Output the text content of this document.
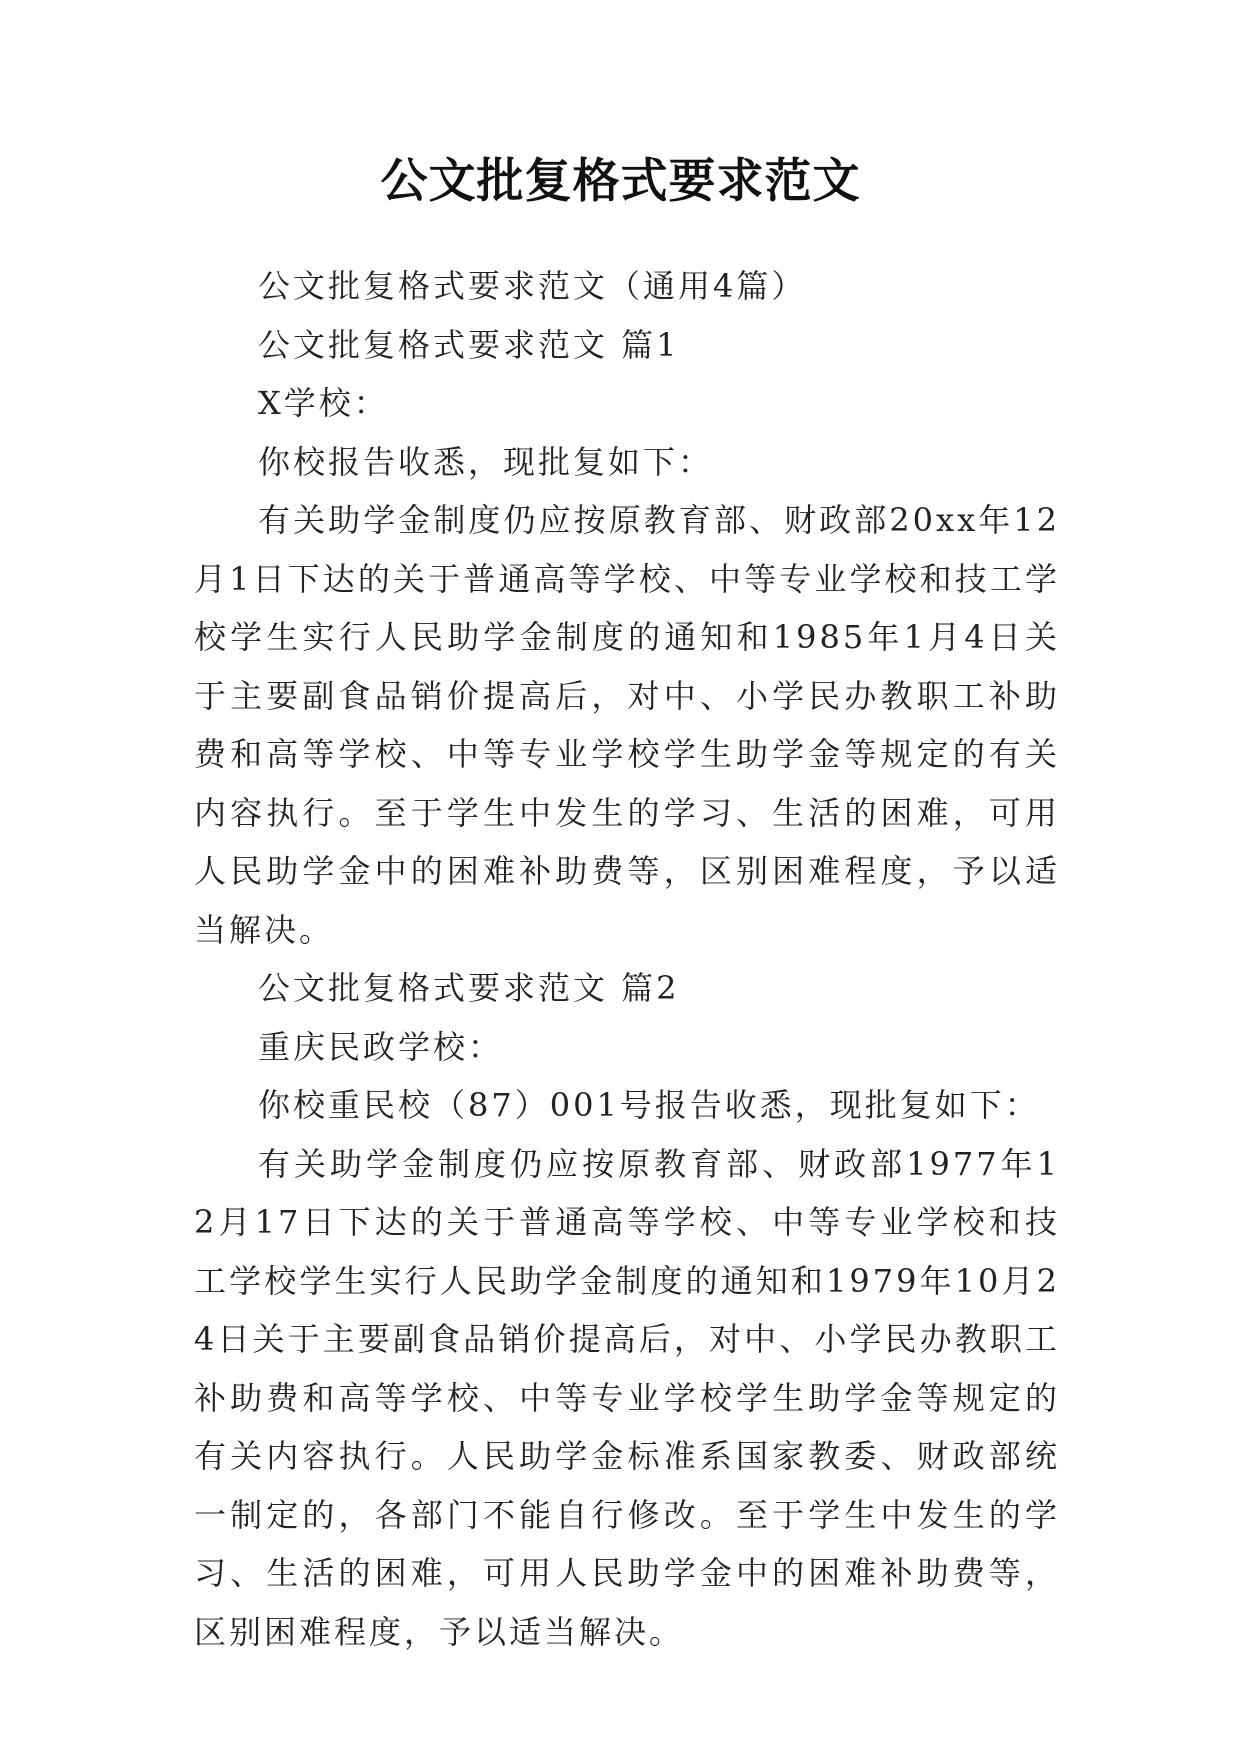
公文批复格式要求范文

公文批复格式要求范文（通用4篇）

公文批复格式要求范文 篇1

X学校：

你校报告收悉，现批复如下：

有关助学金制度仍应按原教育部、财政部20xx年12月1日下达的关于普通高等学校、中等专业学校和技工学校学生实行人民助学金制度的通知和1985年1月4日关于主要副食品销价提高后，对中、小学民办教职工补助费和高等学校、中等专业学校学生助学金等规定的有关内容执行。至于学生中发生的学习、生活的困难，可用人民助学金中的困难补助费等，区别困难程度，予以适当解决。

公文批复格式要求范文 篇2

重庆民政学校：

你校重民校（87）001号报告收悉，现批复如下：

有关助学金制度仍应按原教育部、财政部1977年12月17日下达的关于普通高等学校、中等专业学校和技工学校学生实行人民助学金制度的通知和1979年10月24日关于主要副食品销价提高后，对中、小学民办教职工补助费和高等学校、中等专业学校学生助学金等规定的有关内容执行。人民助学金标准系国家教委、财政部统一制定的，各部门不能自行修改。至于学生中发生的学习、生活的困难，可用人民助学金中的困难补助费等，区别困难程度，予以适当解决。
